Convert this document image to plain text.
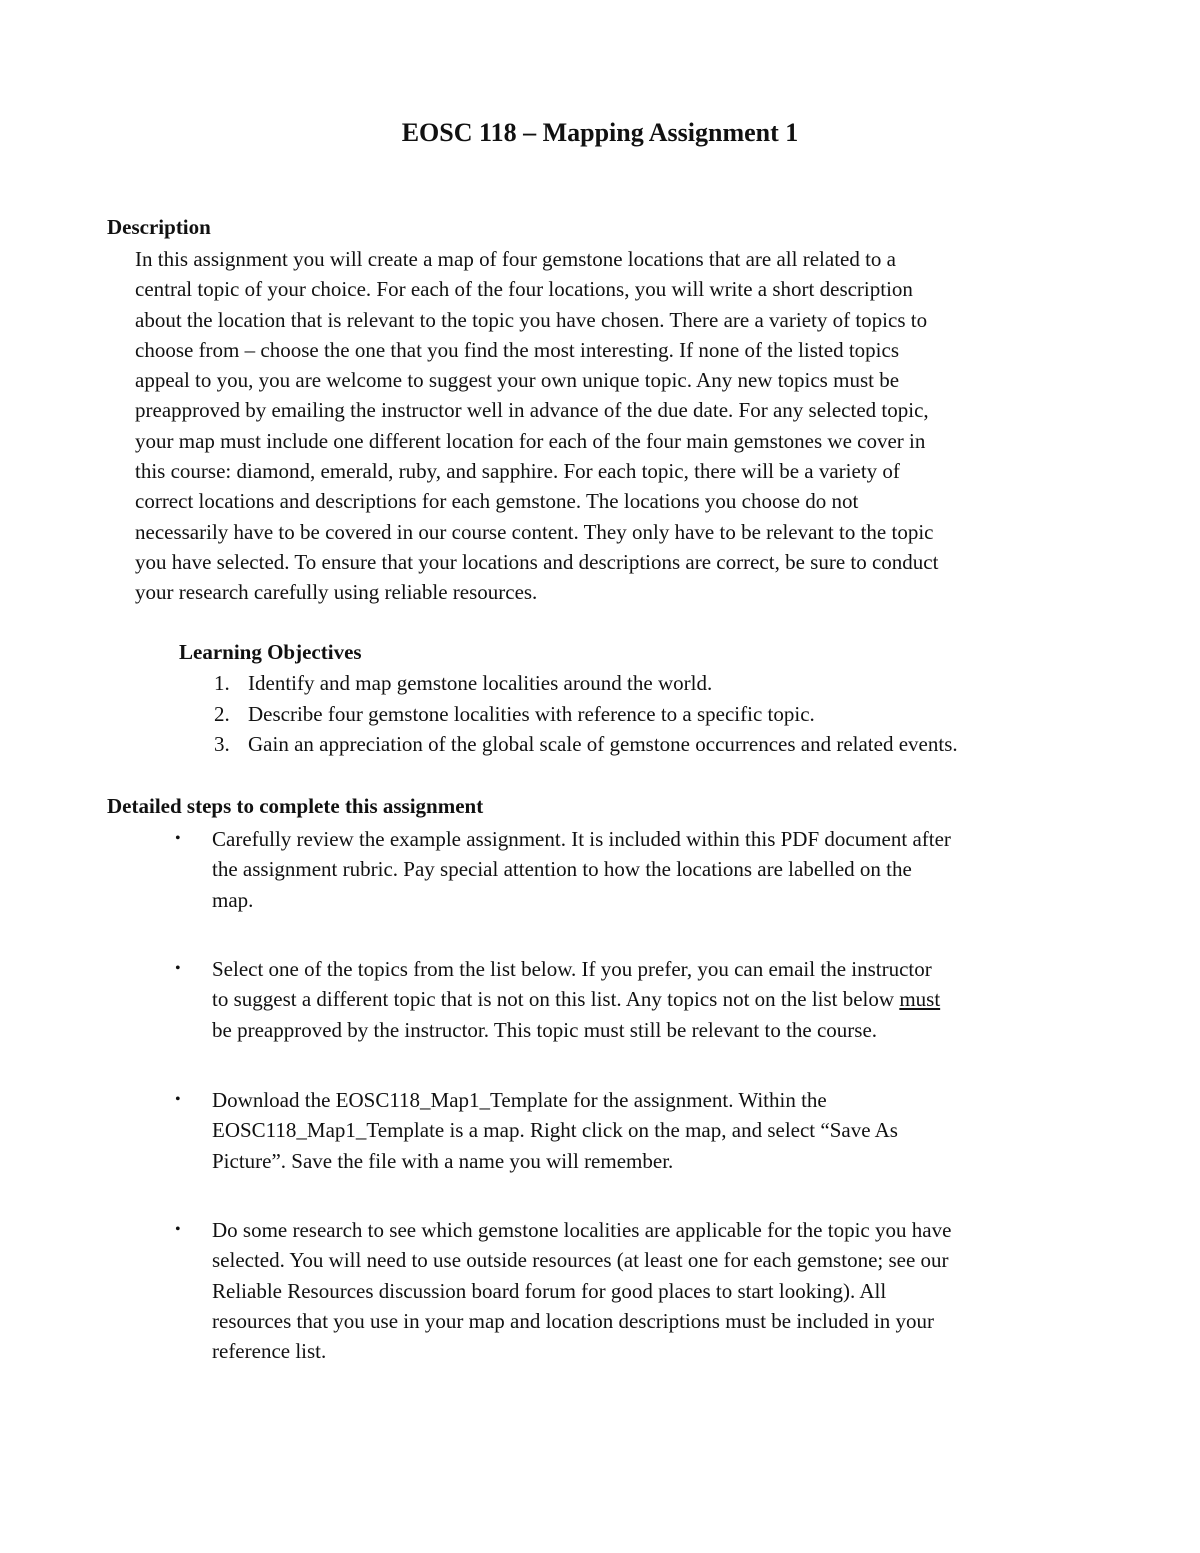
EOSC 118 – Mapping Assignment 1
Description
In this assignment you will create a map of four gemstone locations that are all related to a
central topic of your choice. For each of the four locations, you will write a short description
about the location that is relevant to the topic you have chosen. There are a variety of topics to
choose from – choose the one that you find the most interesting. If none of the listed topics
appeal to you, you are welcome to suggest your own unique topic. Any new topics must be
preapproved by emailing the instructor well in advance of the due date. For any selected topic,
your map must include one different location for each of the four main gemstones we cover in
this course: diamond, emerald, ruby, and sapphire. For each topic, there will be a variety of
correct locations and descriptions for each gemstone. The locations you choose do not
necessarily have to be covered in our course content. They only have to be relevant to the topic
you have selected. To ensure that your locations and descriptions are correct, be sure to conduct
your research carefully using reliable resources.
Learning Objectives
1. Identify and map gemstone localities around the world.
2. Describe four gemstone localities with reference to a specific topic.
3. Gain an appreciation of the global scale of gemstone occurrences and related events.
Detailed steps to complete this assignment
• Carefully review the example assignment. It is included within this PDF document after
the assignment rubric. Pay special attention to how the locations are labelled on the
map.
• Select one of the topics from the list below. If you prefer, you can email the instructor
to suggest a different topic that is not on this list. Any topics not on the list below must
be preapproved by the instructor. This topic must still be relevant to the course.
• Download the EOSC118_Map1_Template for the assignment. Within the
EOSC118_Map1_Template is a map. Right click on the map, and select “Save As
Picture”. Save the file with a name you will remember.
• Do some research to see which gemstone localities are applicable for the topic you have
selected. You will need to use outside resources (at least one for each gemstone; see our
Reliable Resources discussion board forum for good places to start looking). All
resources that you use in your map and location descriptions must be included in your
reference list.
